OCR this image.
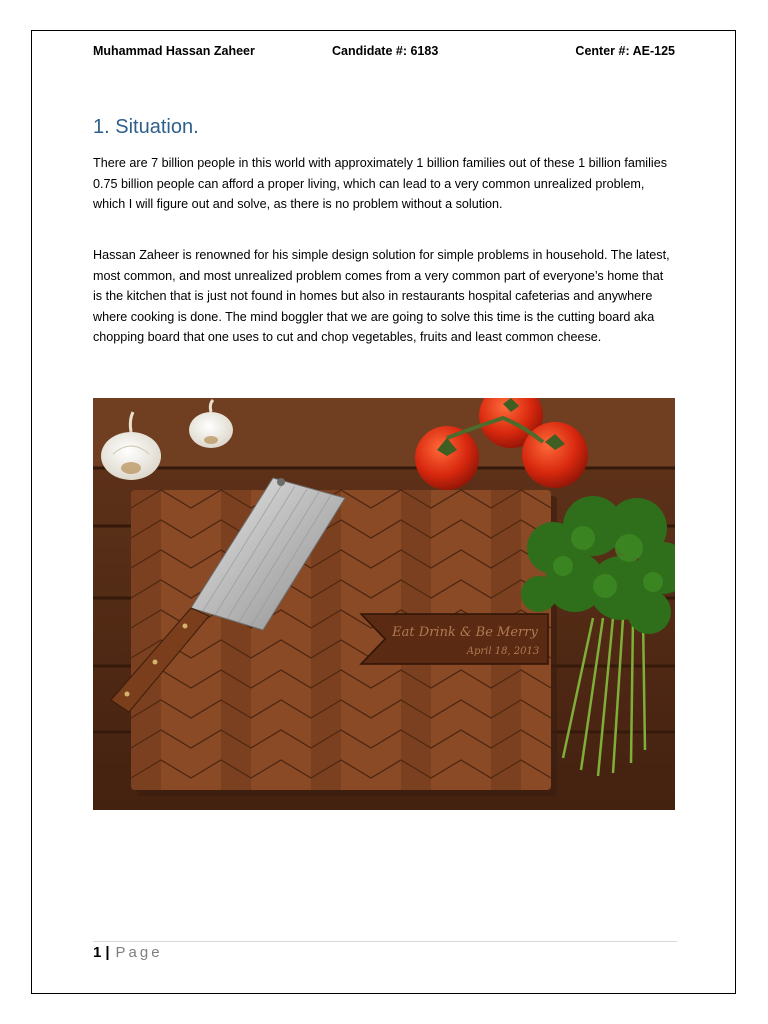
Muhammad Hassan Zaheer	Candidate #: 6183	Center #: AE-125
1. Situation.

There are 7 billion people in this world with approximately 1 billion families out of these 1 billion families 0.75 billion people can afford a proper living, which can lead to a very common unrealized problem, which I will figure out and solve, as there is no problem without a solution.

Hassan Zaheer is renowned for his simple design solution for simple problems in household. The latest, most common, and most unrealized problem comes from a very common part of everyone’s home that is the kitchen that is just not found in homes but also in restaurants hospital cafeterias and anywhere where cooking is done. The mind boggler that we are going to solve this time is the cutting board aka chopping board that one uses to cut and chop vegetables, fruits and least common cheese.

Eat Drink & Be Merry
April 18, 2013
1 | Page
